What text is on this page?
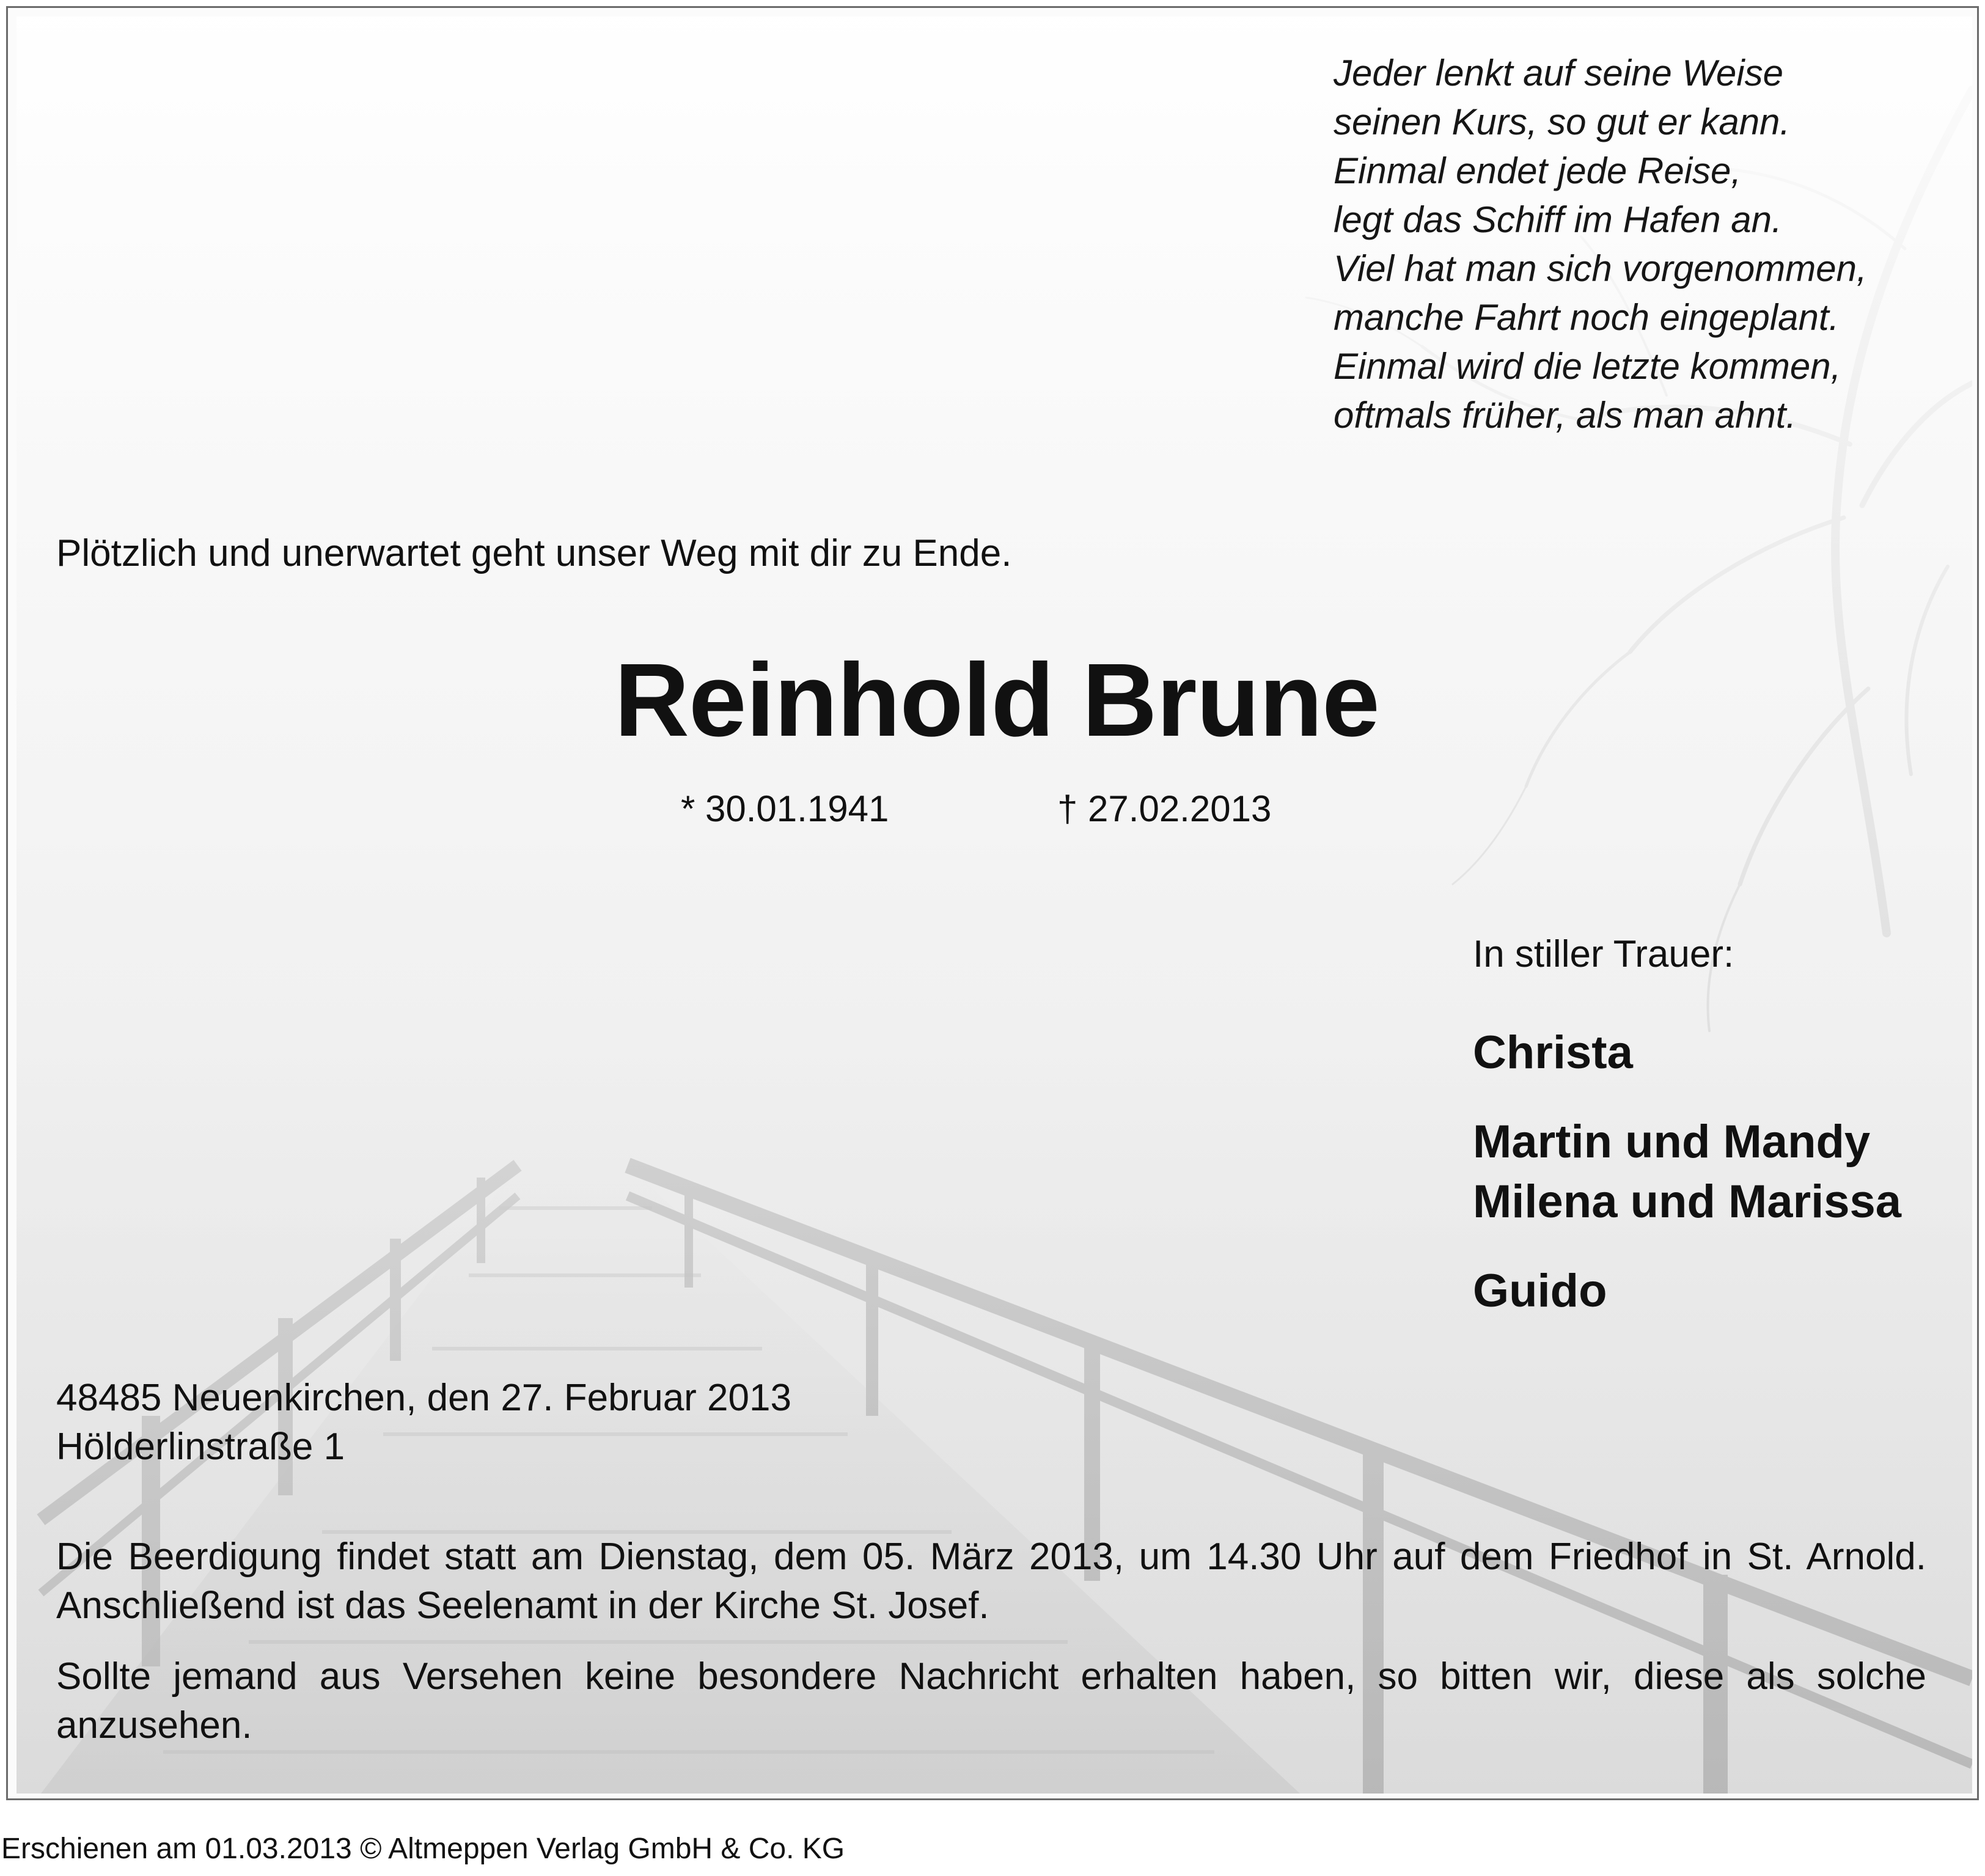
Jeder lenkt auf seine Weise
seinen Kurs, so gut er kann.
Einmal endet jede Reise,
legt das Schiff im Hafen an.
Viel hat man sich vorgenommen,
manche Fahrt noch eingeplant.
Einmal wird die letzte kommen,
oftmals früher, als man ahnt.
Plötzlich und unerwartet geht unser Weg mit dir zu Ende.
Reinhold Brune
* 30.01.1941	† 27.02.2013
In stiller Trauer:
Christa
Martin und Mandy
Milena und Marissa
Guido
48485 Neuenkirchen, den 27. Februar 2013
Hölderlinstraße 1
Die Beerdigung findet statt am Dienstag, dem 05. März 2013, um 14.30 Uhr auf dem Friedhof in St. Arnold. Anschließend ist das Seelenamt in der Kirche St. Josef.
Sollte jemand aus Versehen keine besondere Nachricht erhalten haben, so bitten wir, diese als solche anzusehen.
Erschienen am 01.03.2013 © Altmeppen Verlag GmbH & Co. KG
